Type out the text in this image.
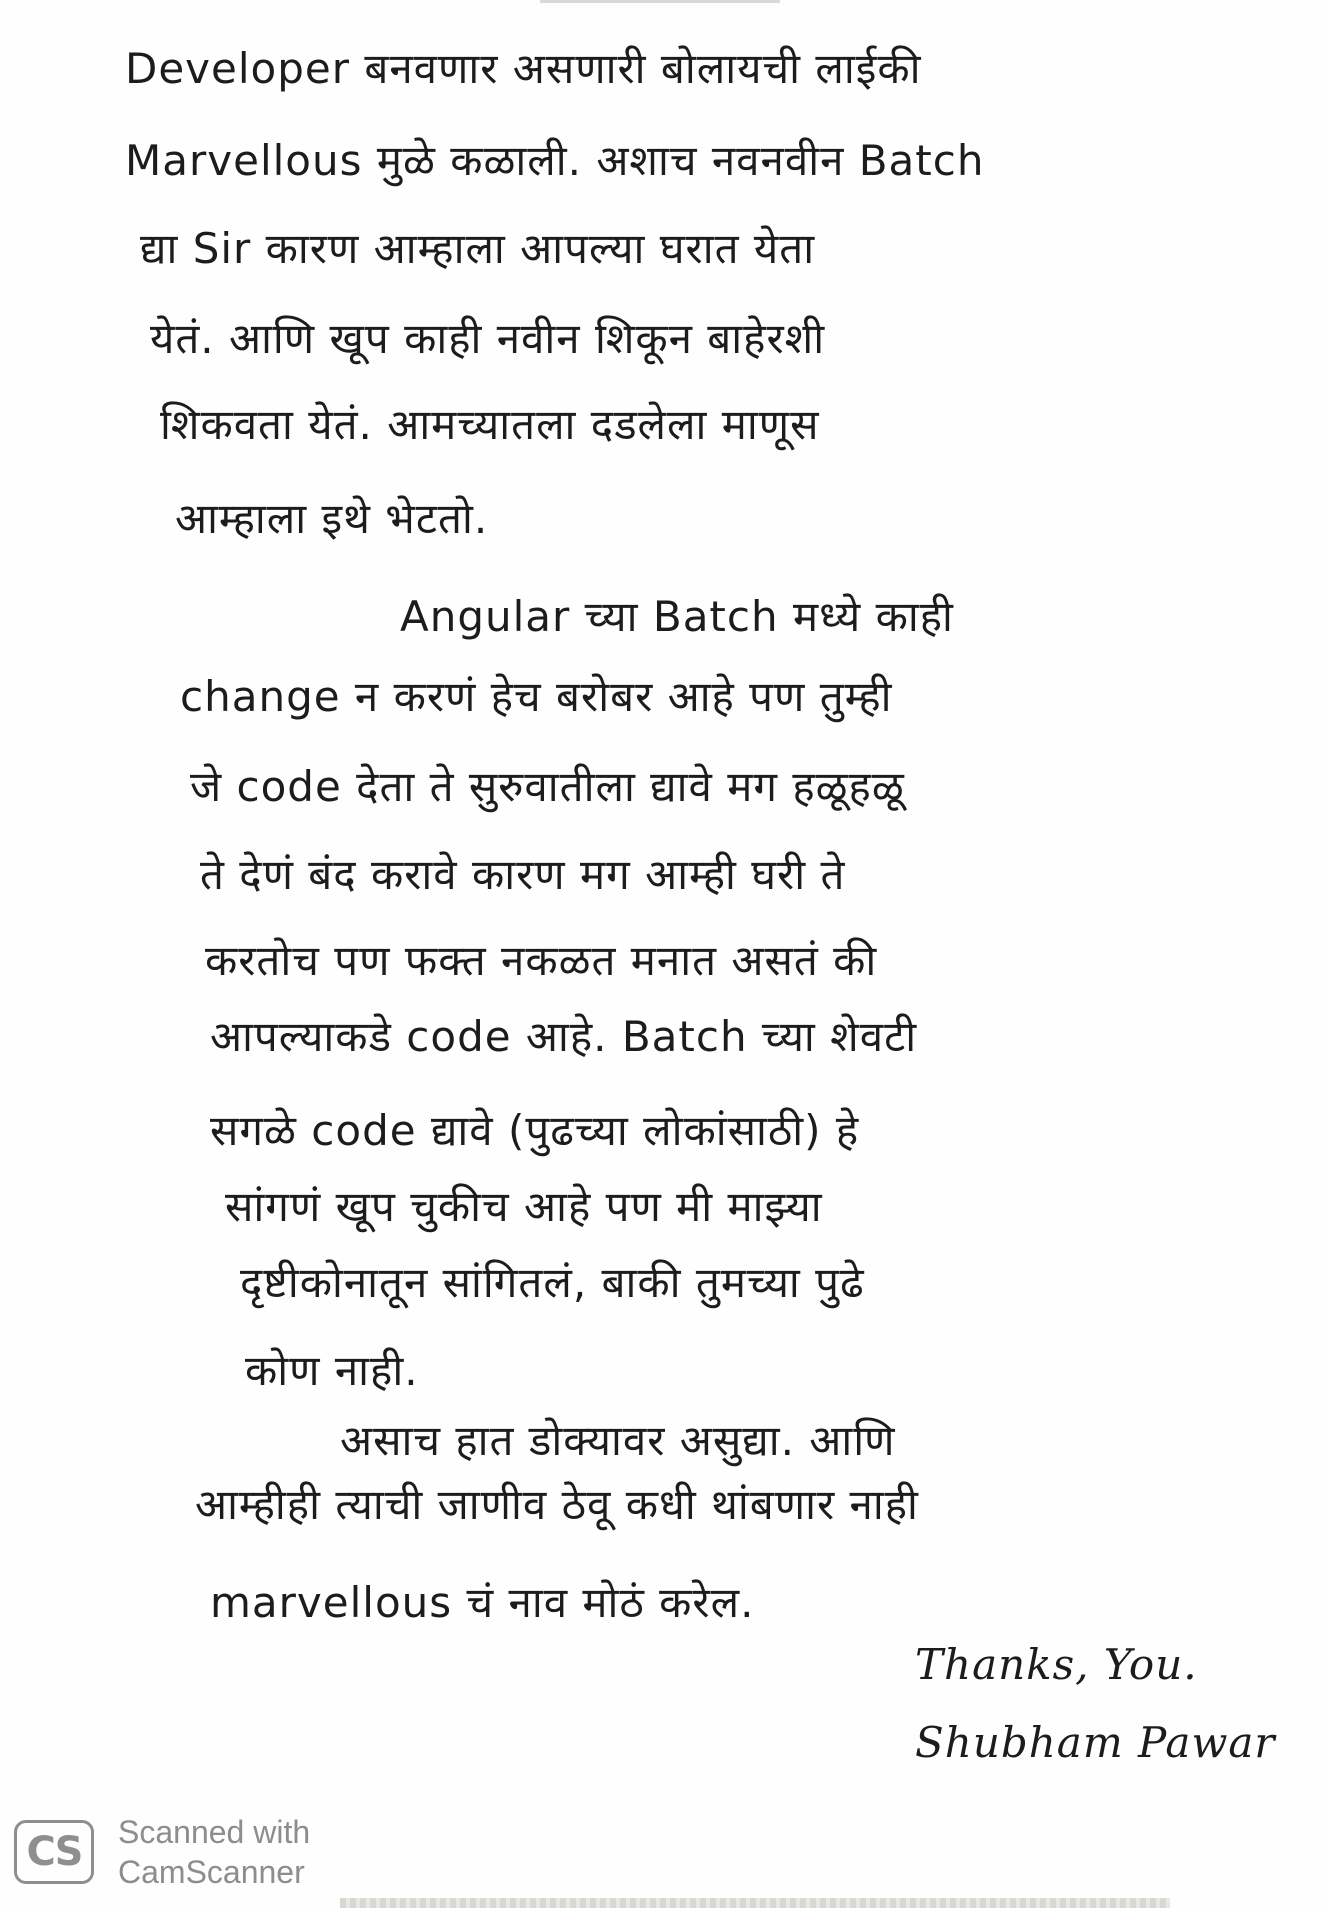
Developer बनवणार असणारी बोलायची लाईकी

Marvellous मुळे कळाली. अशाच नवनवीन Batch

द्या Sir कारण आम्हाला आपल्या घरात येता

येतं. आणि खूप काही नवीन शिकून बाहेरशी

शिकवता येतं. आमच्यातला दडलेला माणूस

आम्हाला इथे भेटतो.

Angular च्या Batch मध्ये काही

change न करणं हेच बरोबर आहे पण तुम्ही

जे code देता ते सुरुवातीला द्यावे मग हळूहळू

ते देणं बंद करावे कारण मग आम्ही घरी ते

करतोच पण फक्त नकळत मनात असतं की

आपल्याकडे code आहे. Batch च्या शेवटी

सगळे code द्यावे (पुढच्या लोकांसाठी) हे

सांगणं खूप चुकीच आहे पण मी माझ्या

दृष्टीकोनातून सांगितलं, बाकी तुमच्या पुढे

कोण नाही.

असाच हात डोक्यावर असुद्या. आणि

आम्हीही त्याची जाणीव ठेवू कधी थांबणार नाही

marvellous चं नाव मोठं करेल.

Thanks, You.

Shubham Pawar

CS	Scanned with
CamScanner
